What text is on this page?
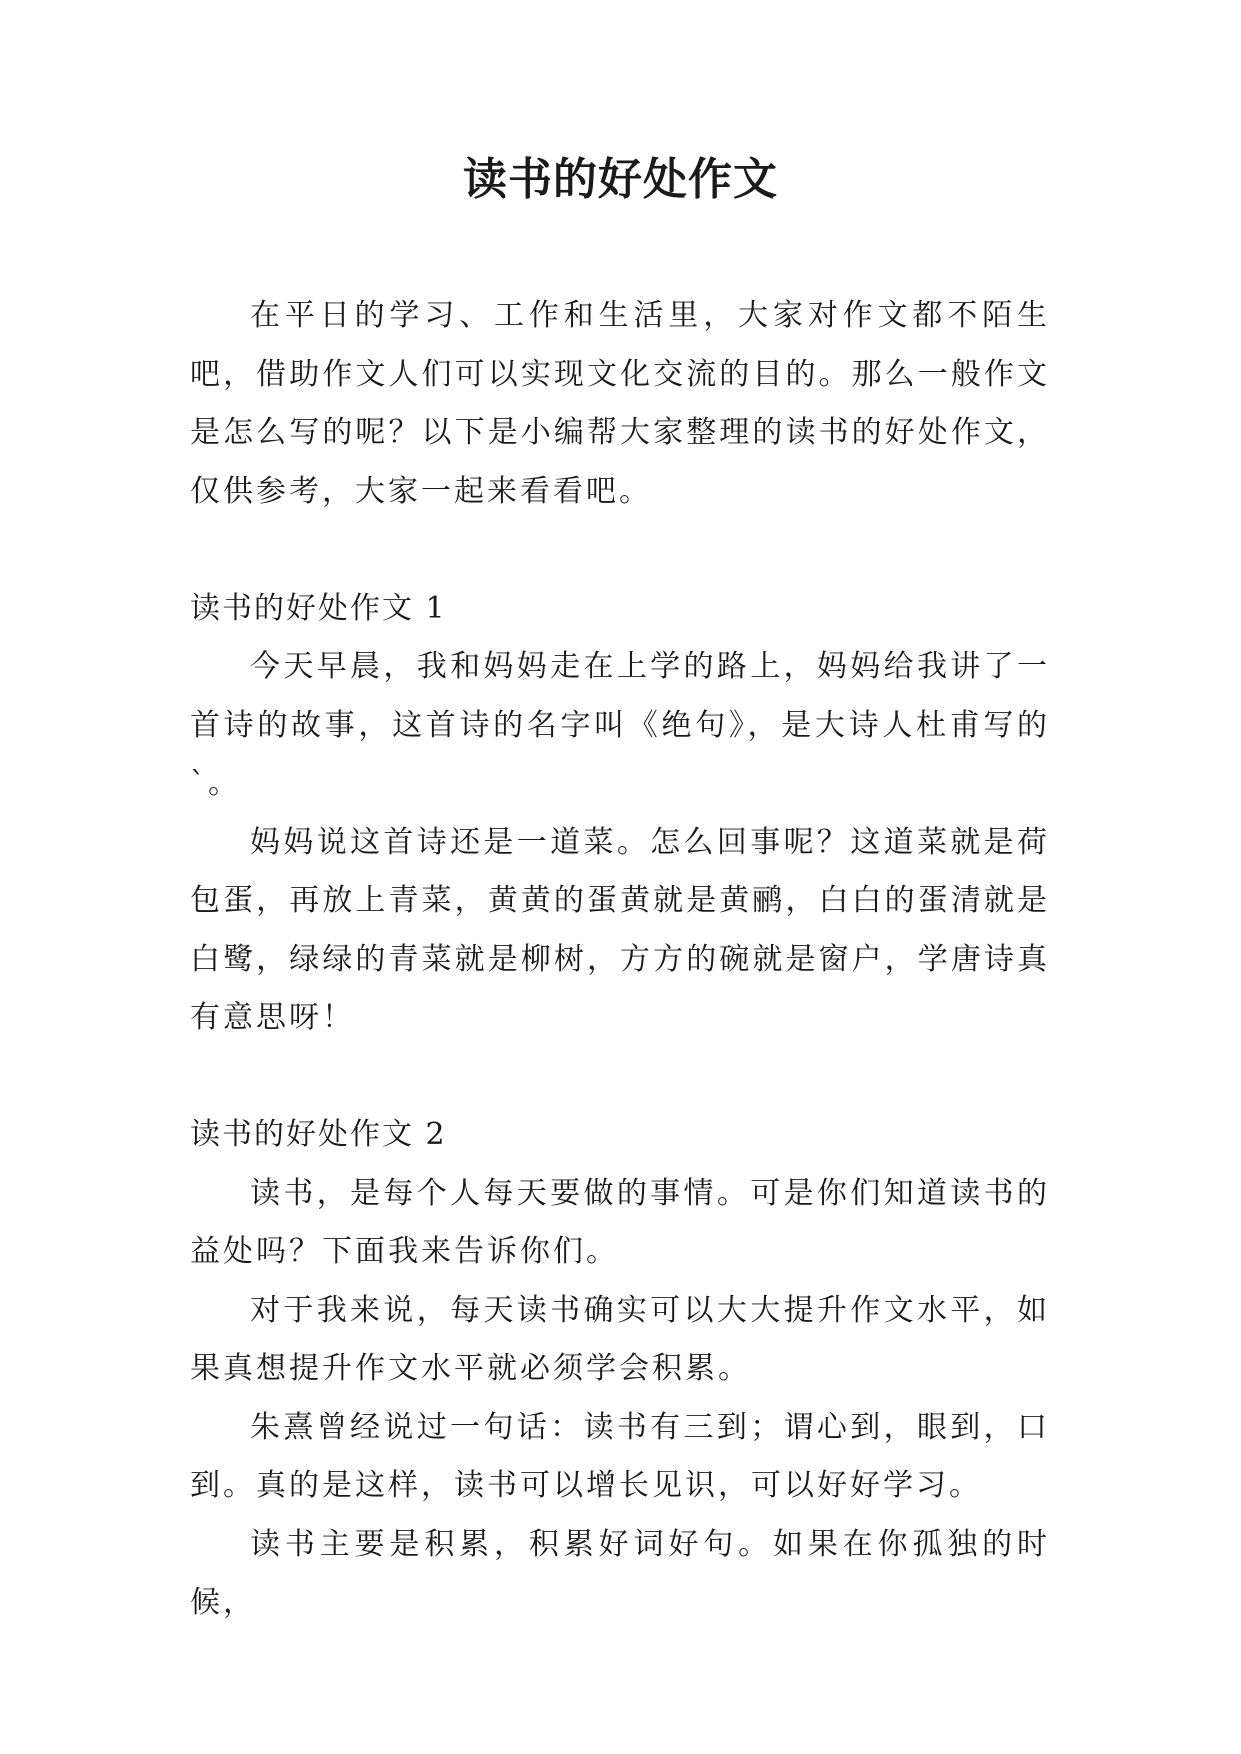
读书的好处作文

在平日的学习、工作和生活里，大家对作文都不陌生吧，借助作文人们可以实现文化交流的目的。那么一般作文是怎么写的呢？以下是小编帮大家整理的读书的好处作文，仅供参考，大家一起来看看吧。

读书的好处作文 1

今天早晨，我和妈妈走在上学的路上，妈妈给我讲了一首诗的故事，这首诗的名字叫《绝句》，是大诗人杜甫写的`。

妈妈说这首诗还是一道菜。怎么回事呢？这道菜就是荷包蛋，再放上青菜，黄黄的蛋黄就是黄鹂，白白的蛋清就是白鹭，绿绿的青菜就是柳树，方方的碗就是窗户，学唐诗真有意思呀！

读书的好处作文 2

读书，是每个人每天要做的事情。可是你们知道读书的益处吗？下面我来告诉你们。

对于我来说，每天读书确实可以大大提升作文水平，如果真想提升作文水平就必须学会积累。

朱熹曾经说过一句话：读书有三到；谓心到，眼到，口到。真的是这样，读书可以增长见识，可以好好学习。

读书主要是积累，积累好词好句。如果在你孤独的时候，
